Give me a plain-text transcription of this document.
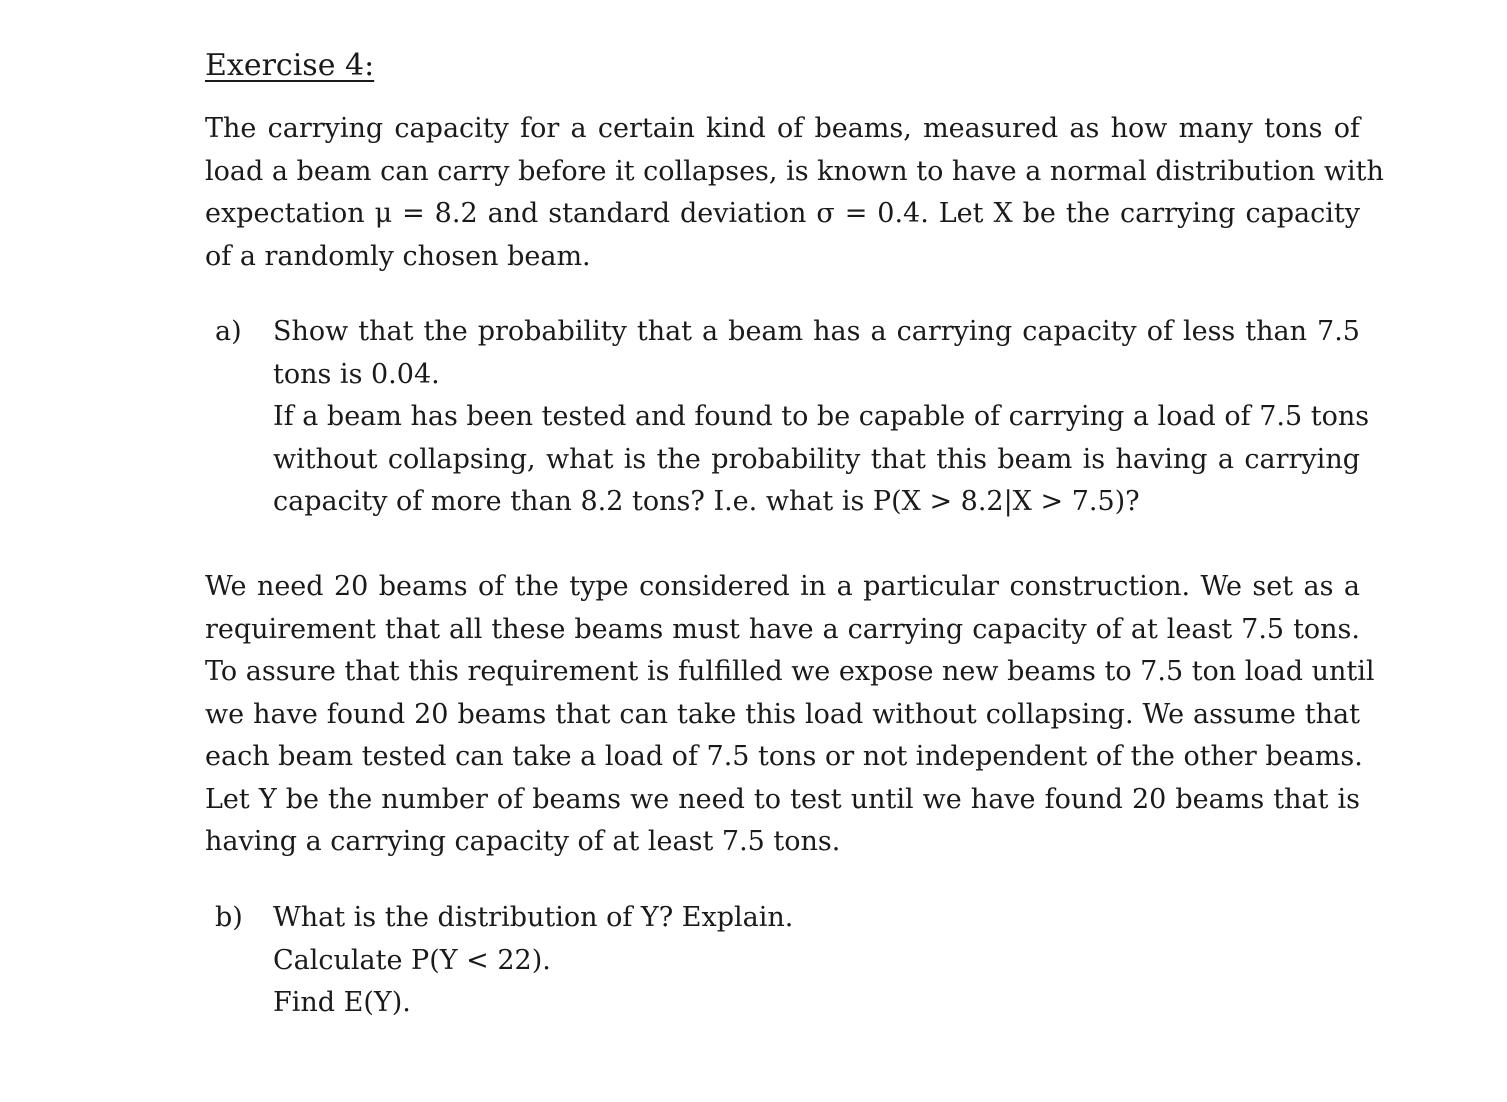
Exercise 4:
The carrying capacity for a certain kind of beams, measured as how many tons of
load a beam can carry before it collapses, is known to have a normal distribution with
expectation μ = 8.2 and standard deviation σ = 0.4. Let X be the carrying capacity
of a randomly chosen beam.
a) Show that the probability that a beam has a carrying capacity of less than 7.5
tons is 0.04.
If a beam has been tested and found to be capable of carrying a load of 7.5 tons
without collapsing, what is the probability that this beam is having a carrying
capacity of more than 8.2 tons? I.e. what is P(X > 8.2|X > 7.5)?
We need 20 beams of the type considered in a particular construction. We set as a
requirement that all these beams must have a carrying capacity of at least 7.5 tons.
To assure that this requirement is fulfilled we expose new beams to 7.5 ton load until
we have found 20 beams that can take this load without collapsing. We assume that
each beam tested can take a load of 7.5 tons or not independent of the other beams.
Let Y be the number of beams we need to test until we have found 20 beams that is
having a carrying capacity of at least 7.5 tons.
b) What is the distribution of Y? Explain.
Calculate P(Y < 22).
Find E(Y).
